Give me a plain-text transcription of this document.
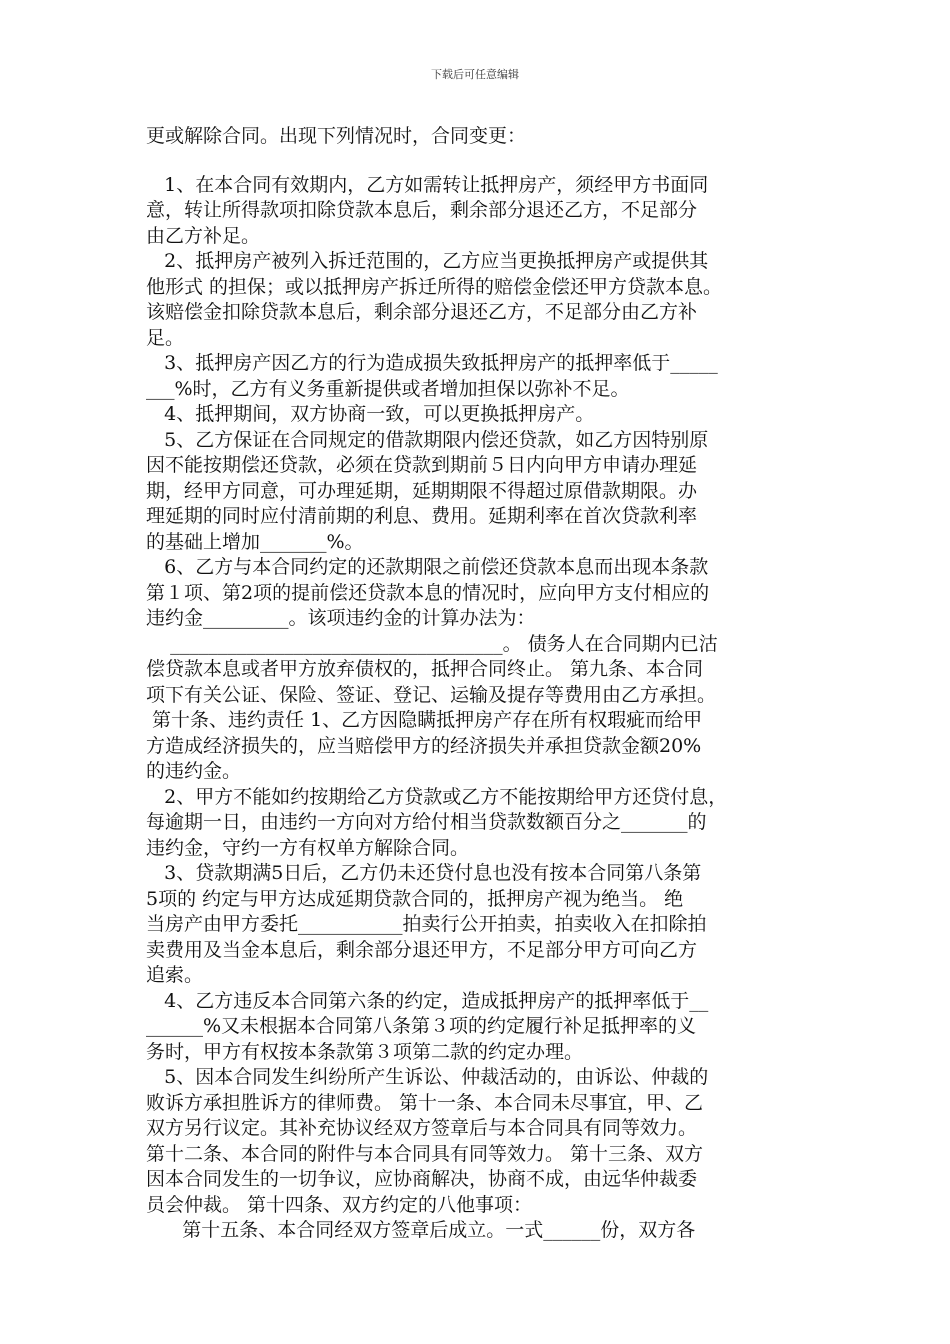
下载后可任意编辑
更或解除合同。出现下列情况时，合同变更：
1、在本合同有效期内，乙方如需转让抵押房产，须经甲方书面同
意，转让所得款项扣除贷款本息后，剩余部分退还乙方，不足部分
由乙方补足。
2、抵押房产被列入拆迁范围的，乙方应当更换抵押房产或提供其
他形式 的担保；或以抵押房产拆迁所得的赔偿金偿还甲方贷款本息。
该赔偿金扣除贷款本息后，剩余部分退还乙方，不足部分由乙方补
足。
3、抵押房产因乙方的行为造成损失致抵押房产的抵押率低于_____
___%时，乙方有义务重新提供或者增加担保以弥补不足。
4、抵押期间，双方协商一致，可以更换抵押房产。
5、乙方保证在合同规定的借款期限内偿还贷款，如乙方因特别原
因不能按期偿还贷款，必须在贷款到期前５日内向甲方申请办理延
期，经甲方同意，可办理延期，延期期限不得超过原借款期限。办
理延期的同时应付清前期的利息、费用。延期利率在首次贷款利率
的基础上增加_______%。
6、乙方与本合同约定的还款期限之前偿还贷款本息而出现本条款
第１项、第2项的提前偿还贷款本息的情况时，应向甲方支付相应的
违约金_________。该项违约金的计算办法为：
___________________________________。 债务人在合同期内已沽
偿贷款本息或者甲方放弃债权的，抵押合同终止。 第九条、本合同
项下有关公证、保险、签证、登记、运输及提存等费用由乙方承担。
第十条、违约责任 1、乙方因隐瞒抵押房产存在所有权瑕疵而给甲
方造成经济损失的，应当赔偿甲方的经济损失并承担贷款金额20%
的违约金。
2、甲方不能如约按期给乙方贷款或乙方不能按期给甲方还贷付息，
每逾期一日，由违约一方向对方给付相当贷款数额百分之_______的
违约金，守约一方有权单方解除合同。
3、贷款期满5日后，乙方仍未还贷付息也没有按本合同第八条第
5项的 约定与甲方达成延期贷款合同的，抵押房产视为绝当。 绝
当房产由甲方委托___________拍卖行公开拍卖，拍卖收入在扣除拍
卖费用及当金本息后，剩余部分退还甲方，不足部分甲方可向乙方
追索。
4、乙方违反本合同第六条的约定，造成抵押房产的抵押率低于__
______%又未根据本合同第八条第３项的约定履行补足抵押率的义
务时，甲方有权按本条款第３项第二款的约定办理。
5、因本合同发生纠纷所产生诉讼、仲裁活动的，由诉讼、仲裁的
败诉方承担胜诉方的律师费。 第十一条、本合同未尽事宜，甲、乙
双方另行议定。其补充协议经双方签章后与本合同具有同等效力。
第十二条、本合同的附件与本合同具有同等效力。 第十三条、双方
因本合同发生的一切争议，应协商解决，协商不成，由远华仲裁委
员会仲裁。 第十四条、双方约定的八他事项：
第十五条、本合同经双方签章后成立。一式______份，双方各
